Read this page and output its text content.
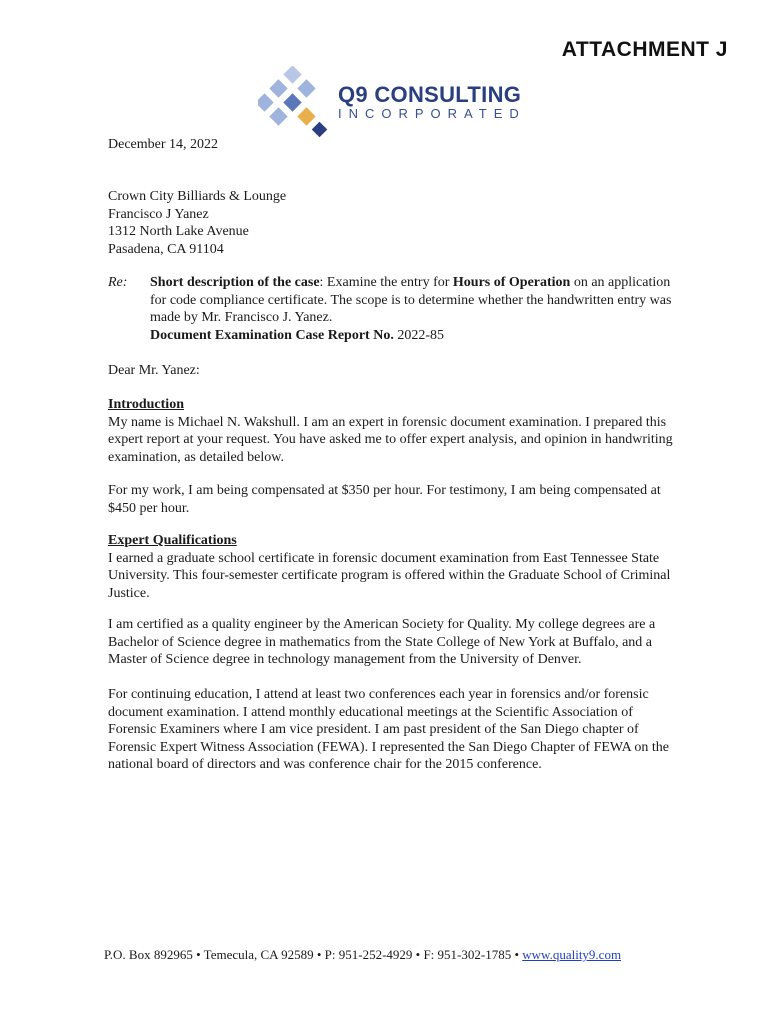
ATTACHMENT J
Q9 CONSULTING
INCORPORATED
December 14, 2022

Crown City Billiards & Lounge

Francisco J Yanez

1312 North Lake Avenue

Pasadena, CA 91104

Re: Short description of the case: Examine the entry for Hours of Operation on an application for code compliance certificate. The scope is to determine whether the handwritten entry was made by Mr. Francisco J. Yanez.
Document Examination Case Report No. 2022-85
Dear Mr. Yanez:

Introduction

My name is Michael N. Wakshull. I am an expert in forensic document examination. I prepared this expert report at your request. You have asked me to offer expert analysis, and opinion in handwriting examination, as detailed below.

For my work, I am being compensated at $350 per hour. For testimony, I am being compensated at $450 per hour.

Expert Qualifications

I earned a graduate school certificate in forensic document examination from East Tennessee State University. This four-semester certificate program is offered within the Graduate School of Criminal Justice.

I am certified as a quality engineer by the American Society for Quality. My college degrees are a Bachelor of Science degree in mathematics from the State College of New York at Buffalo, and a Master of Science degree in technology management from the University of Denver.
For continuing education, I attend at least two conferences each year in forensics and/or forensic document examination. I attend monthly educational meetings at the Scientific Association of Forensic Examiners where I am vice president. I am past president of the San Diego chapter of Forensic Expert Witness Association (FEWA). I represented the San Diego Chapter of FEWA on the national board of directors and was conference chair for the 2015 conference.
P.O. Box 892965 • Temecula, CA 92589 • P: 951-252-4929 • F: 951-302-1785 • www.quality9.com
